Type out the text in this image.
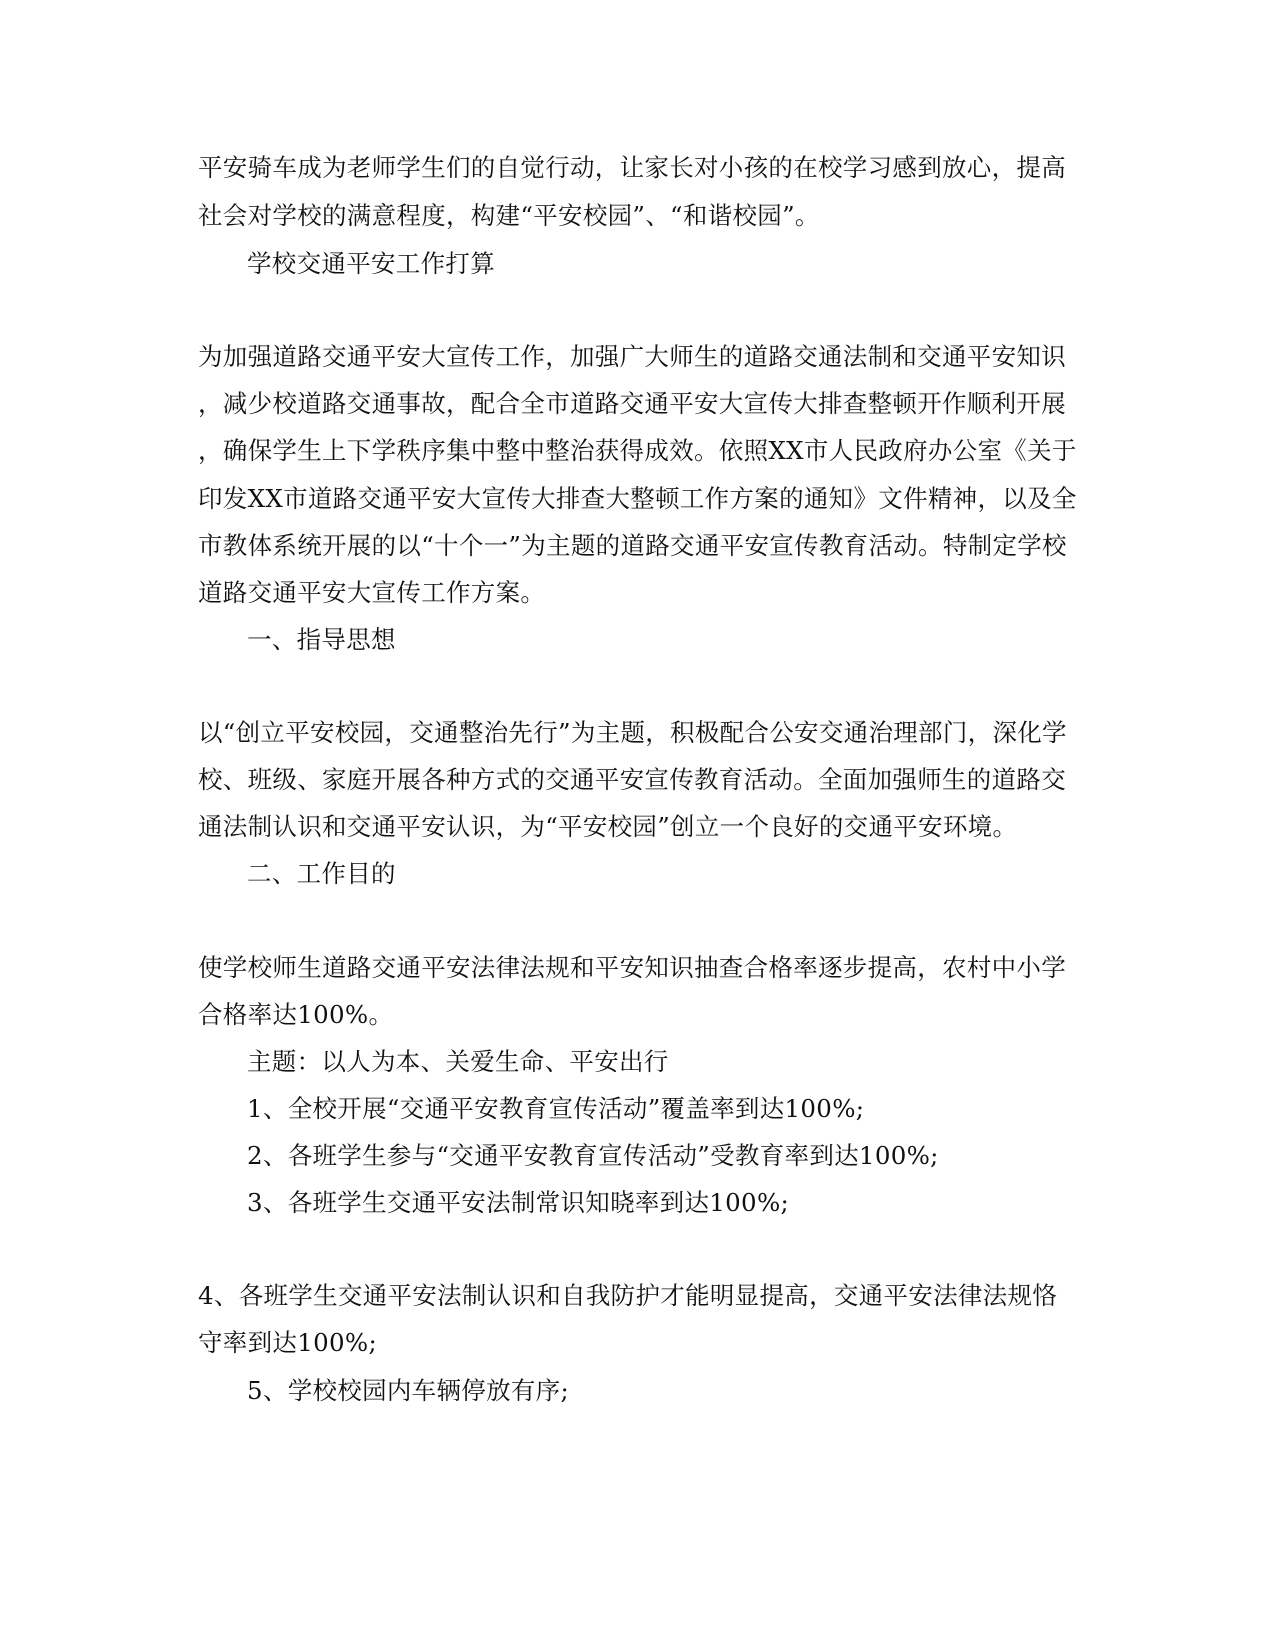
平安骑车成为老师学生们的自觉行动，让家长对小孩的在校学习感到放心，提高
社会对学校的满意程度，构建“平安校园”、“和谐校园”。
学校交通平安工作打算
为加强道路交通平安大宣传工作，加强广大师生的道路交通法制和交通平安知识
，减少校道路交通事故，配合全市道路交通平安大宣传大排查整顿开作顺利开展
，确保学生上下学秩序集中整中整治获得成效。依照XX市人民政府办公室《关于
印发XX市道路交通平安大宣传大排查大整顿工作方案的通知》文件精神，以及全
市教体系统开展的以“十个一”为主题的道路交通平安宣传教育活动。特制定学校
道路交通平安大宣传工作方案。
一、指导思想
以“创立平安校园，交通整治先行”为主题，积极配合公安交通治理部门，深化学
校、班级、家庭开展各种方式的交通平安宣传教育活动。全面加强师生的道路交
通法制认识和交通平安认识，为“平安校园”创立一个良好的交通平安环境。
二、工作目的
使学校师生道路交通平安法律法规和平安知识抽查合格率逐步提高，农村中小学
合格率达100%。
主题：以人为本、关爱生命、平安出行
1、全校开展“交通平安教育宣传活动”覆盖率到达100%;
2、各班学生参与“交通平安教育宣传活动”受教育率到达100%;
3、各班学生交通平安法制常识知晓率到达100%;
4、各班学生交通平安法制认识和自我防护才能明显提高，交通平安法律法规恪
守率到达100%;
5、学校校园内车辆停放有序;
